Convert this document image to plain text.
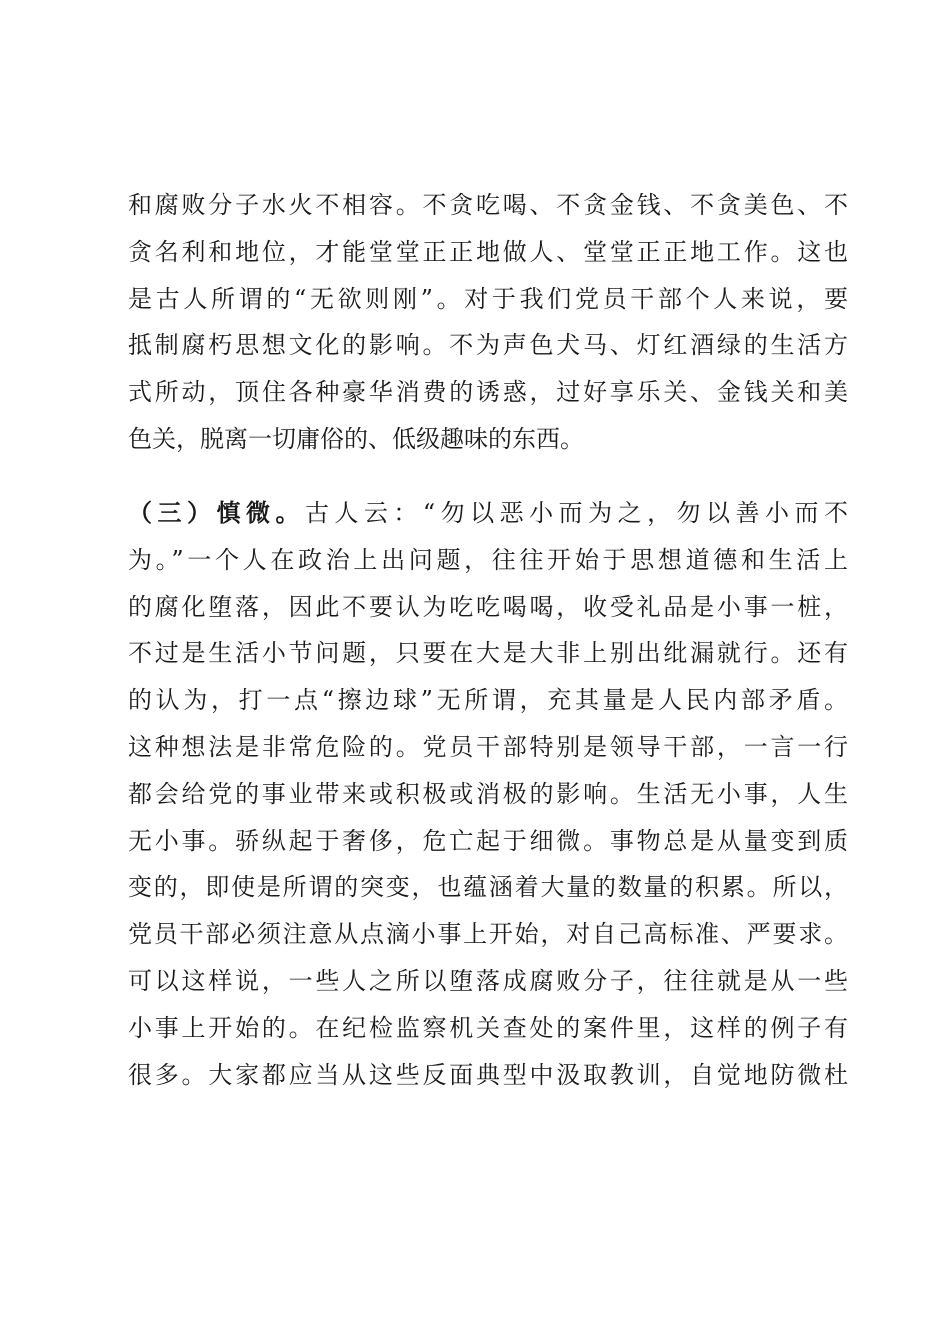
和腐败分子水火不相容。不贪吃喝、不贪金钱、不贪美色、不
贪名利和地位，才能堂堂正正地做人、堂堂正正地工作。这也
是古人所谓的“无欲则刚”。对于我们党员干部个人来说，要
抵制腐朽思想文化的影响。不为声色犬马、灯红酒绿的生活方
式所动，顶住各种豪华消费的诱惑，过好享乐关、金钱关和美
色关，脱离一切庸俗的、低级趣味的东西。
（三）慎微。古人云：“勿以恶小而为之，勿以善小而不
为。”一个人在政治上出问题，往往开始于思想道德和生活上
的腐化堕落，因此不要认为吃吃喝喝，收受礼品是小事一桩，
不过是生活小节问题，只要在大是大非上别出纰漏就行。还有
的认为，打一点“擦边球”无所谓，充其量是人民内部矛盾。
这种想法是非常危险的。党员干部特别是领导干部，一言一行
都会给党的事业带来或积极或消极的影响。生活无小事，人生
无小事。骄纵起于奢侈，危亡起于细微。事物总是从量变到质
变的，即使是所谓的突变，也蕴涵着大量的数量的积累。所以，
党员干部必须注意从点滴小事上开始，对自己高标准、严要求。
可以这样说，一些人之所以堕落成腐败分子，往往就是从一些
小事上开始的。在纪检监察机关查处的案件里，这样的例子有
很多。大家都应当从这些反面典型中汲取教训，自觉地防微杜
